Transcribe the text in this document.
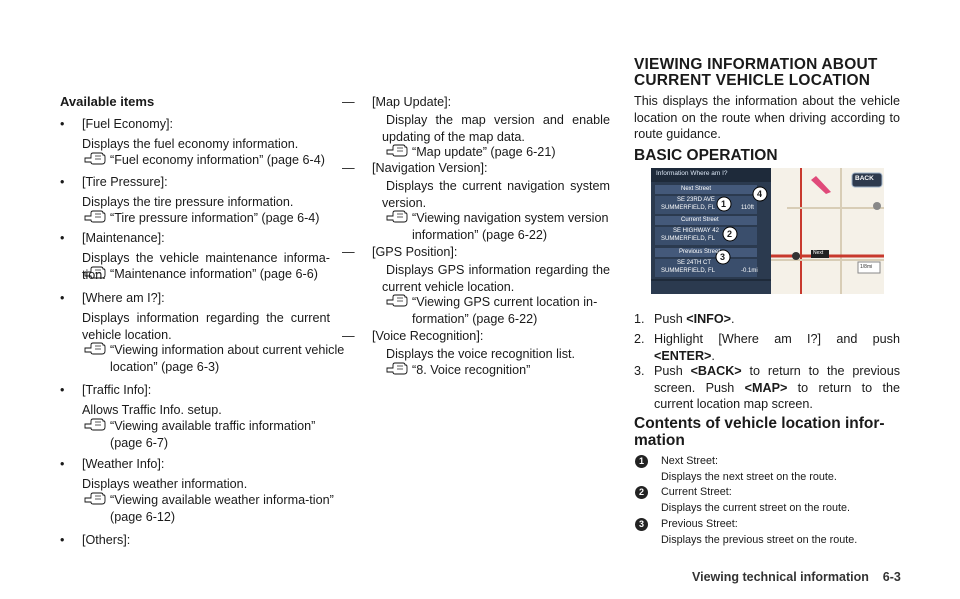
Available items
• [Fuel Economy]:
Displays the fuel economy information.
“Fuel economy information” (page 6-4)
• [Tire Pressure]:
Displays the tire pressure information.
“Tire pressure information” (page 6-4)
• [Maintenance]:
Displays the vehicle maintenance informa-tion. “Maintenance information” (page 6-6)
• [Where am I?]:
Displays information regarding the current vehicle location.
“Viewing information about current vehicle location” (page 6-3)
• [Traffic Info]:
Allows Traffic Info. setup.
“Viewing available traffic information” (page 6-7)
• [Weather Info]:
Displays weather information.
“Viewing available weather informa-tion” (page 6-12)
• [Others]:
— [Map Update]:
Display the map version and enable updating of the map data.
“Map update” (page 6-21)
— [Navigation Version]:
Displays the current navigation system version.
“Viewing navigation system version information” (page 6-22)
— [GPS Position]:
Displays GPS information regarding the current vehicle location.
“Viewing GPS current location in-formation” (page 6-22)
— [Voice Recognition]:
Displays the voice recognition list.
“8. Voice recognition”
VIEWING INFORMATION ABOUT
CURRENT VEHICLE LOCATION
This displays the information about the vehicle location on the route when driving according to route guidance.
BASIC OPERATION
Information Where am I?
BACK
Next Street
SE 23RD AVE
SUMMERFIELD, FL	110ft
Current Street
SE HIGHWAY 42
SUMMERFIELD, FL
Previous Street
SE 24TH CT
SUMMERFIELD, FL	-0.1mi
4
1
2
3	Next
1/8mi
1. Push <INFO>.
2. Highlight [Where am I?] and push <ENTER>.
3. Push <BACK> to return to the previous screen. Push <MAP> to return to the current location map screen.
Contents of vehicle location infor-
mation
1	Next Street:
Displays the next street on the route.
2	Current Street:
Displays the current street on the route.
3	Previous Street:
Displays the previous street on the route.
Viewing technical information 6-3
